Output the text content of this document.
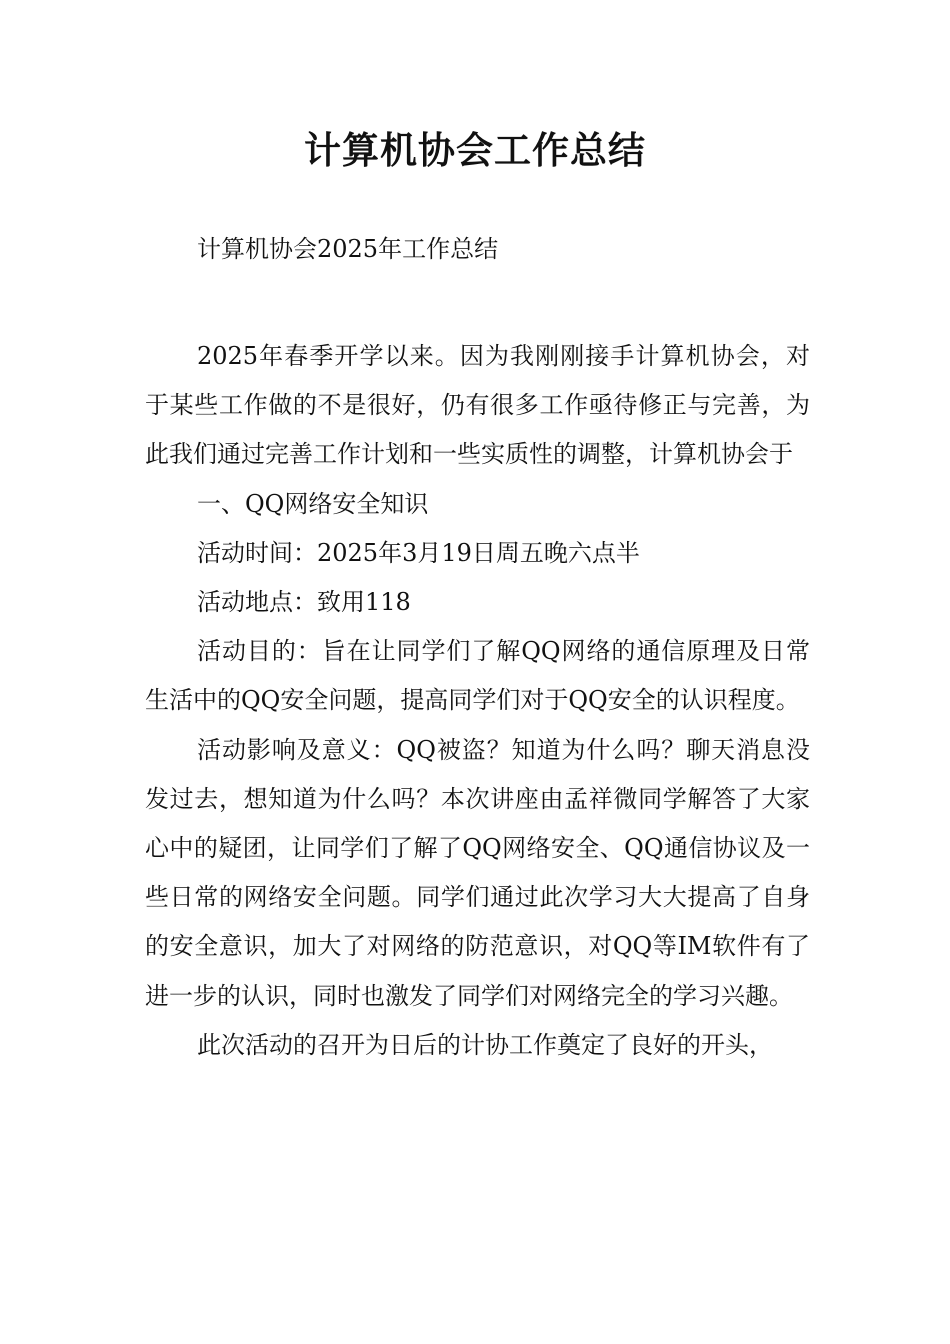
计算机协会工作总结
计算机协会2025年工作总结

2025年春季开学以来。因为我刚刚接手计算机协会，对于某些工作做的不是很好，仍有很多工作亟待修正与完善，为此我们通过完善工作计划和一些实质性的调整，计算机协会于

一、QQ网络安全知识

活动时间：2025年3月19日周五晚六点半

活动地点：致用118

活动目的：旨在让同学们了解QQ网络的通信原理及日常生活中的QQ安全问题，提高同学们对于QQ安全的认识程度。

活动影响及意义：QQ被盗？知道为什么吗？聊天消息没发过去，想知道为什么吗？本次讲座由孟祥微同学解答了大家心中的疑团，让同学们了解了QQ网络安全、QQ通信协议及一些日常的网络安全问题。同学们通过此次学习大大提高了自身的安全意识，加大了对网络的防范意识，对QQ等IM软件有了进一步的认识，同时也激发了同学们对网络完全的学习兴趣。

此次活动的召开为日后的计协工作奠定了良好的开头，
